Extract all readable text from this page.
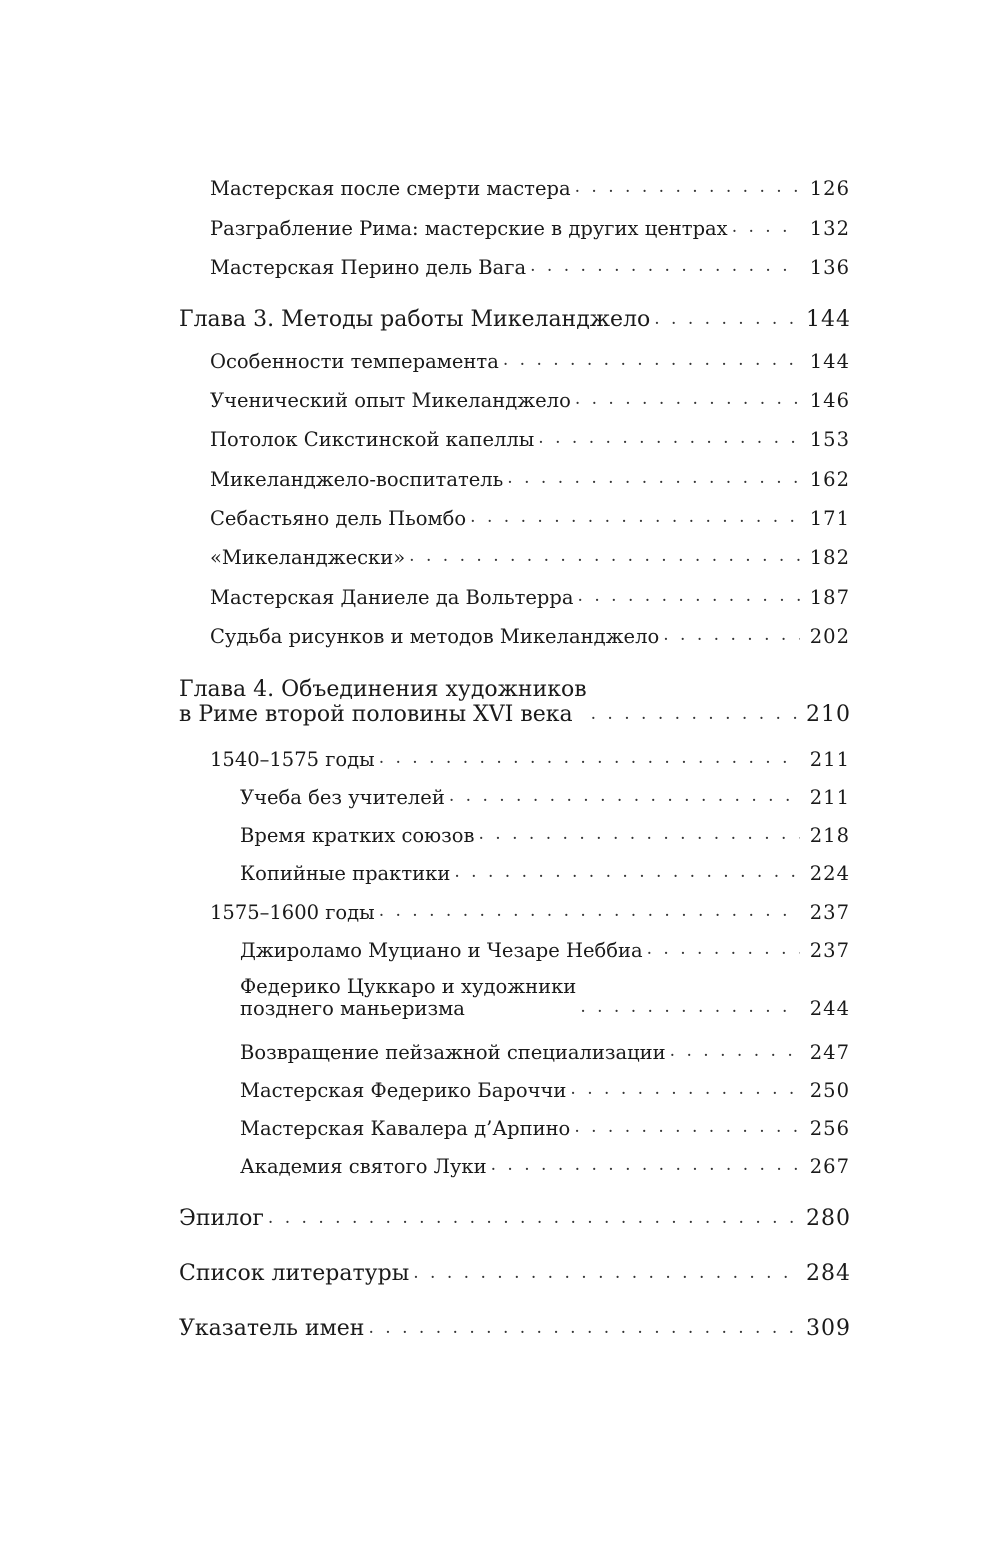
Мастерская после смерти мастера . . .	126
Разграбление Рима: мастерские в других центрах . . .	132
Мастерская Перино дель Вага . . .	136
Глава 3. Методы работы Микеланджело . . .	144
Особенности темперамента . . .	144
Ученический опыт Микеланджело . . .	146
Потолок Сикстинской капеллы . . .	153
Микеланджело-воспитатель . . .	162
Себастьяно дель Пьомбо . . .	171
«Микеланджески» . . .	182
Мастерская Даниеле да Вольтерра . . .	187
Судьба рисунков и методов Микеланджело . . .	202
Глава 4. Объединения художников
в Риме второй половины XVI века . . .	210
1540–1575 годы . . .	211
Учеба без учителей . . .	211
Время кратких союзов . . .	218
Копийные практики . . .	224
1575–1600 годы . . .	237
Джироламо Муциано и Чезаре Неббиа . . .	237
Федерико Цуккаро и художники
позднего маньеризма . . .	244
Возвращение пейзажной специализации . . .	247
Мастерская Федерико Бароччи . . .	250
Мастерская Кавалера д’Арпино . . .	256
Академия святого Луки . . .	267
Эпилог . . .	280
Список литературы . . .	284
Указатель имен . . .	309
